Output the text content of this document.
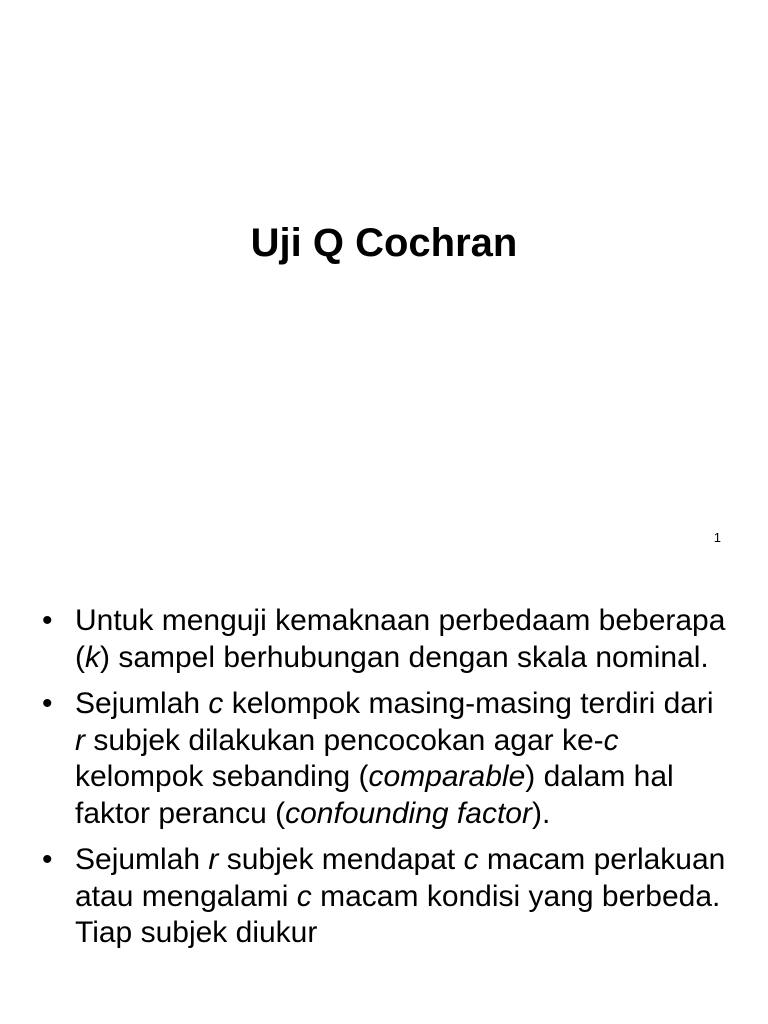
Uji Q Cochran
1
• Untuk menguji kemaknaan perbedaam beberapa (k) sampel berhubungan dengan skala nominal.
• Sejumlah c kelompok masing-masing terdiri dari r subjek dilakukan pencocokan agar ke-c kelompok sebanding (comparable) dalam hal faktor perancu (confounding factor).
• Sejumlah r subjek mendapat c macam perlakuan atau mengalami c macam kondisi yang berbeda. Tiap subjek diukur
